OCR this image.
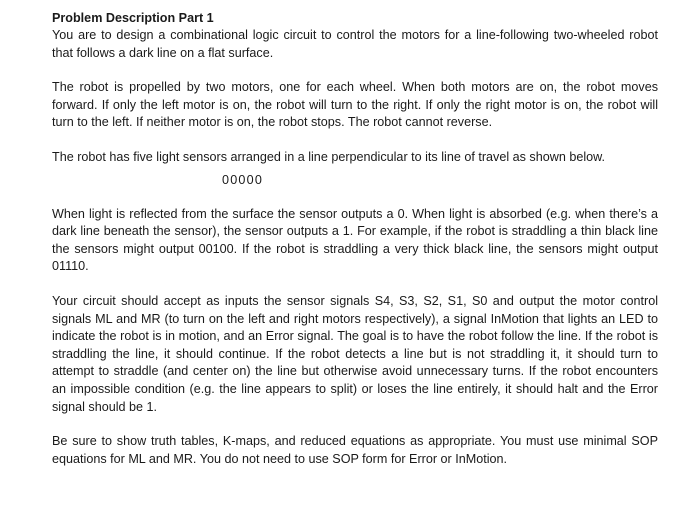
Problem Description Part 1

You are to design a combinational logic circuit to control the motors for a line-following two-wheeled robot that follows a dark line on a flat surface.

The robot is propelled by two motors, one for each wheel. When both motors are on, the robot moves forward. If only the left motor is on, the robot will turn to the right. If only the right motor is on, the robot will turn to the left. If neither motor is on, the robot stops. The robot cannot reverse.

The robot has five light sensors arranged in a line perpendicular to its line of travel as shown below.

00000

When light is reflected from the surface the sensor outputs a 0. When light is absorbed (e.g. when there’s a dark line beneath the sensor), the sensor outputs a 1. For example, if the robot is straddling a thin black line the sensors might output 00100. If the robot is straddling a very thick black line, the sensors might output 01110.

Your circuit should accept as inputs the sensor signals S4, S3, S2, S1, S0 and output the motor control signals ML and MR (to turn on the left and right motors respectively), a signal InMotion that lights an LED to indicate the robot is in motion, and an Error signal. The goal is to have the robot follow the line. If the robot is straddling the line, it should continue. If the robot detects a line but is not straddling it, it should turn to attempt to straddle (and center on) the line but otherwise avoid unnecessary turns. If the robot encounters an impossible condition (e.g. the line appears to split) or loses the line entirely, it should halt and the Error signal should be 1.

Be sure to show truth tables, K-maps, and reduced equations as appropriate. You must use minimal SOP equations for ML and MR. You do not need to use SOP form for Error or InMotion.
